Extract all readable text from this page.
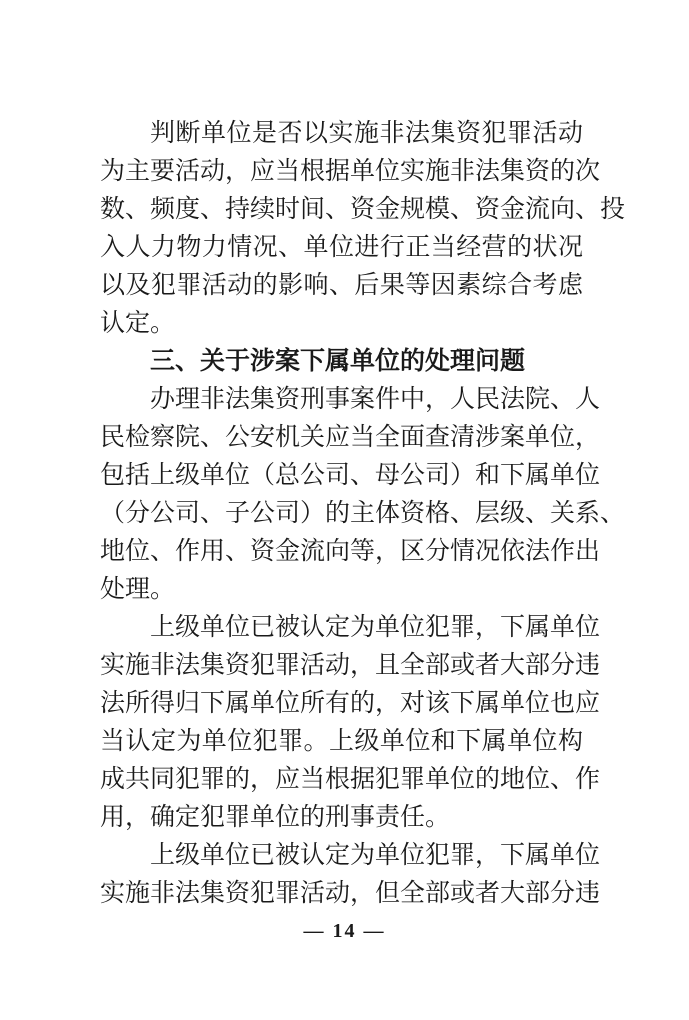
判断单位是否以实施非法集资犯罪活动
为主要活动，应当根据单位实施非法集资的次
数、频度、持续时间、资金规模、资金流向、投
入人力物力情况、单位进行正当经营的状况
以及犯罪活动的影响、后果等因素综合考虑
认定。
三、关于涉案下属单位的处理问题
办理非法集资刑事案件中，人民法院、人
民检察院、公安机关应当全面查清涉案单位，
包括上级单位（总公司、母公司）和下属单位
（分公司、子公司）的主体资格、层级、关系、
地位、作用、资金流向等，区分情况依法作出
处理。
上级单位已被认定为单位犯罪，下属单位
实施非法集资犯罪活动，且全部或者大部分违
法所得归下属单位所有的，对该下属单位也应
当认定为单位犯罪。上级单位和下属单位构
成共同犯罪的，应当根据犯罪单位的地位、作
用，确定犯罪单位的刑事责任。
上级单位已被认定为单位犯罪，下属单位
实施非法集资犯罪活动，但全部或者大部分违
— 14 —
